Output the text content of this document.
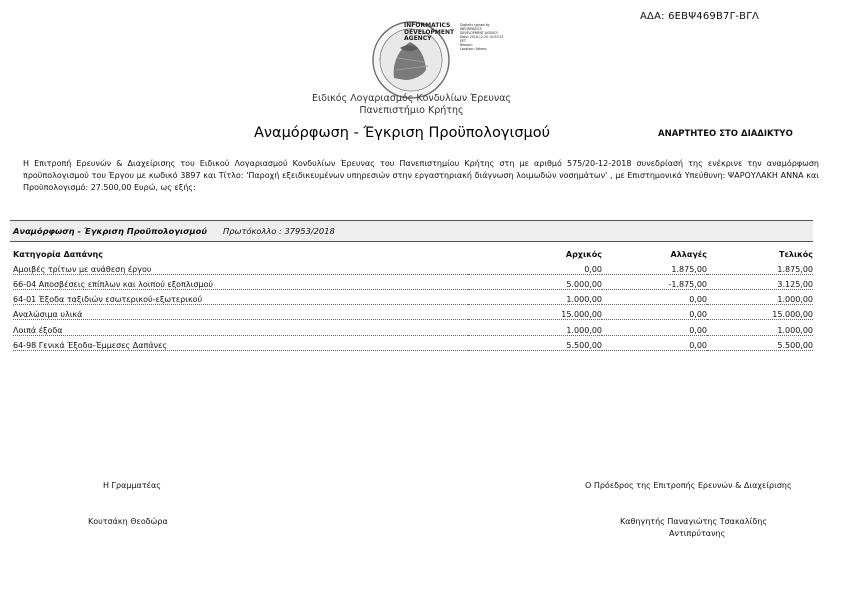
ΑΔΑ: 6ΕΒΨ469Β7Γ-ΒΓΛ
INFORMATICS
DEVELOPMENT
AGENCY
Digitally signed by
INFORMATICS
DEVELOPMENT AGENCY
Date: 2018.12.20 15:53:23
EET
Reason:
Location: Athens
Ειδικός Λογαριασμός Κονδυλίων Έρευνας
Πανεπιστήμιο Κρήτης
Αναμόρφωση - Έγκριση Προϋπολογισμού	ΑΝΑΡΤΗΤΕΟ ΣΤΟ ΔΙΑΔΙΚΤΥΟ
Η Επιτροπή Ερευνών & Διαχείρισης του Ειδικού Λογαριασμού Κονδυλίων Έρευνας του Πανεπιστημίου Κρήτης στη με αριθμό 575/20-12-2018 συνεδρίασή της ενέκρινε την αναμόρφωση προϋπολογισμού του Έργου με κωδικό 3897 και Τίτλο: 'Παροχή εξειδικευμένων υπηρεσιών στην εργαστηριακή διάγνωση λοιμωδών νοσημάτων' , με Επιστημονικά Υπεύθυνη: ΨΑΡΟΥΛΑΚΗ ΑΝΝΑ και Προϋπολογισμό: 27.500,00 Ευρώ, ως εξής:
Αναμόρφωση - Έγκριση Προϋπολογισμού Πρωτόκολλο : 37953/2018
Κατηγορία Δαπάνης	Αρχικός	Αλλαγές	Τελικός
Αμοιβές τρίτων με ανάθεση έργου	0,00	1.875,00	1.875,00
66-04 Αποσβέσεις επίπλων και λοιπού εξοπλισμού	5.000,00	-1.875,00	3.125,00
64-01 Έξοδα ταξιδιών εσωτερικού-εξωτερικού	1.000,00	0,00	1.000,00
Αναλώσιμα υλικά	15.000,00	0,00	15.000,00
Λοιπά έξοδα	1.000,00	0,00	1.000,00
64-98 Γενικά Έξοδα-Έμμεσες Δαπάνες	5.500,00	0,00	5.500,00
Η Γραμματέας
Κουτσάκη Θεοδώρα
Ο Πρόεδρος της Επιτροπής Ερευνών & Διαχείρισης
Καθηγητής Παναγιώτης Τσακαλίδης
Αντιπρύτανης
